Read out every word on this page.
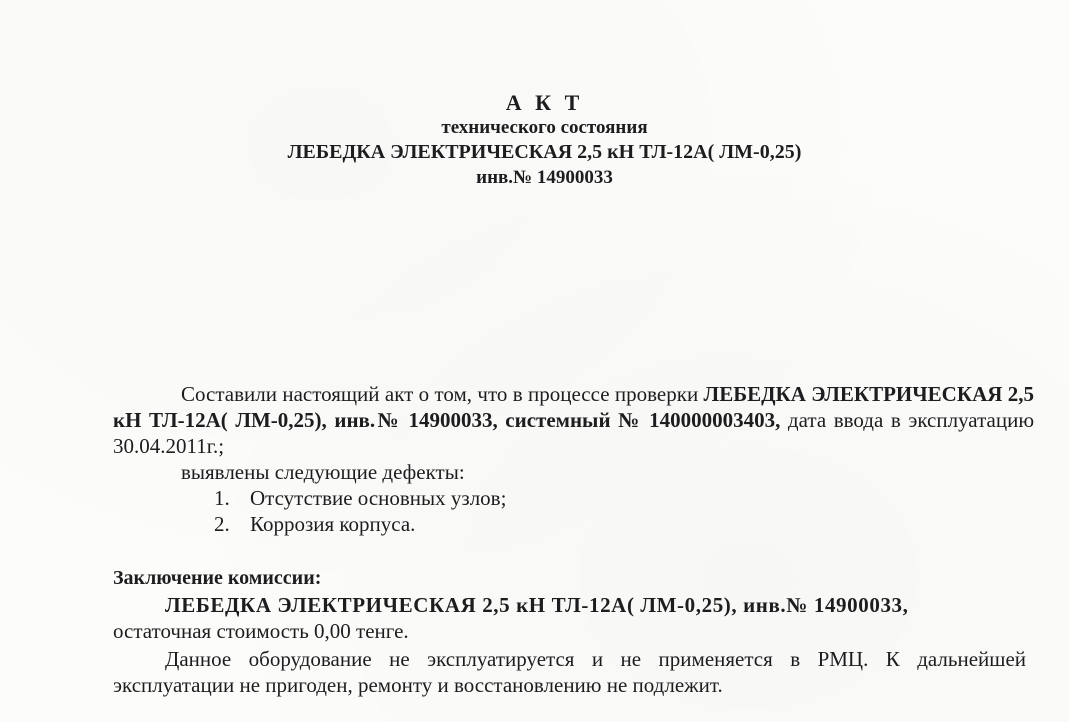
А К Т
технического состояния
ЛЕБЕДКА ЭЛЕКТРИЧЕСКАЯ 2,5 кН ТЛ-12А( ЛМ-0,25)
инв.№ 14900033
Составили настоящий акт о том, что в процессе проверки ЛЕБЕДКА ЭЛЕКТРИЧЕСКАЯ 2,5 кН ТЛ-12А( ЛМ-0,25), инв.№ 14900033, системный № 140000003403, дата ввода в эксплуатацию 30.04.2011г.;
выявлены следующие дефекты:
1. Отсутствие основных узлов;
2. Коррозия корпуса.
Заключение комиссии:
ЛЕБЕДКА ЭЛЕКТРИЧЕСКАЯ 2,5 кН ТЛ-12А( ЛМ-0,25), инв.№ 14900033,
остаточная стоимость 0,00 тенге.
Данное оборудование не эксплуатируется и не применяется в РМЦ. К дальнейшей эксплуатации не пригоден, ремонту и восстановлению не подлежит.
